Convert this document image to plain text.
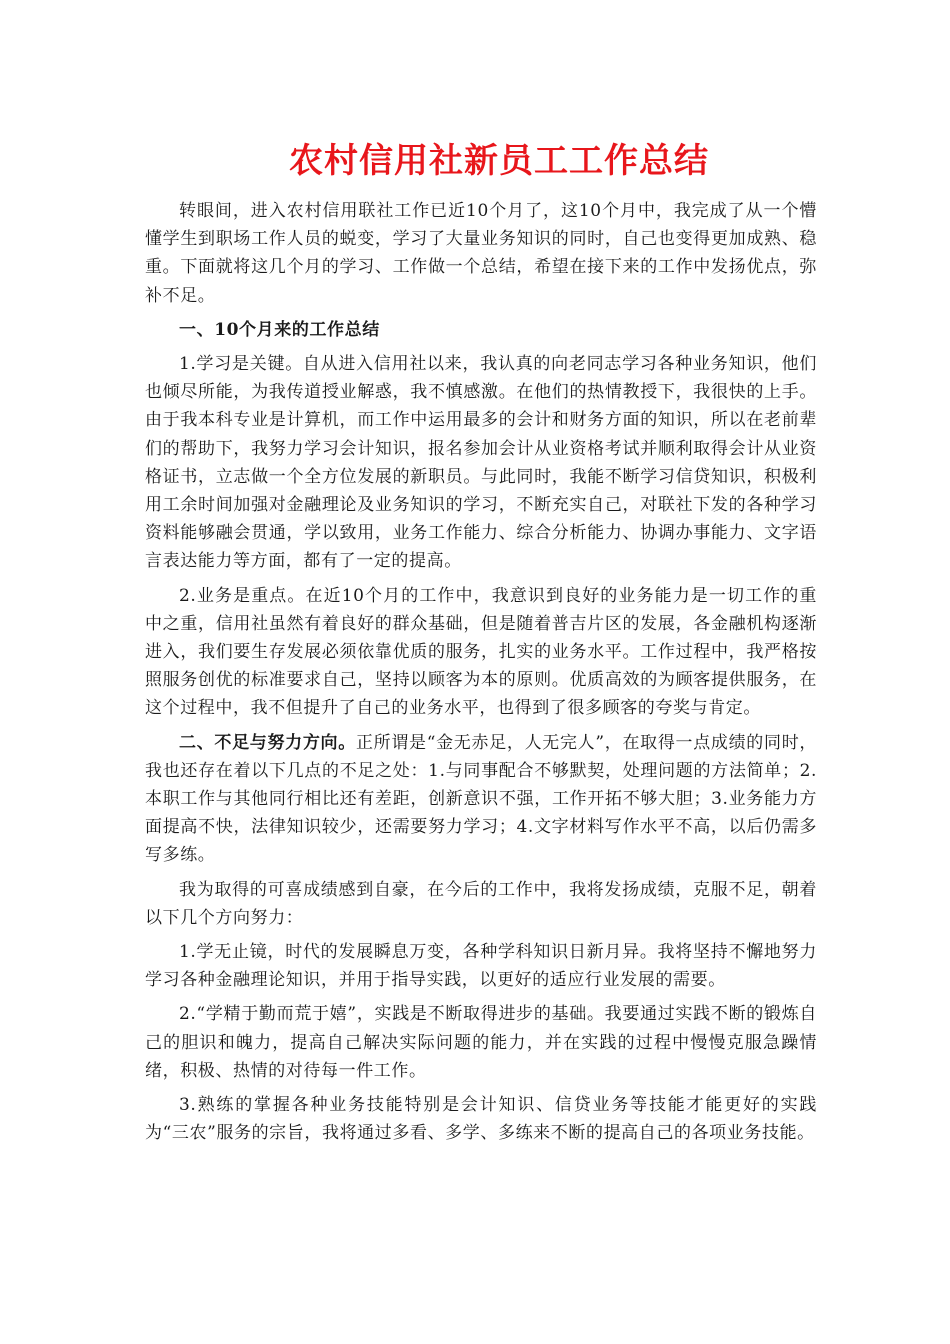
农村信用社新员工工作总结

转眼间，进入农村信用联社工作已近10个月了，这10个月中，我完成了从一个懵懂学生到职场工作人员的蜕变，学习了大量业务知识的同时，自己也变得更加成熟、稳重。下面就将这几个月的学习、工作做一个总结，希望在接下来的工作中发扬优点，弥补不足。

一、10个月来的工作总结

1.学习是关键。自从进入信用社以来，我认真的向老同志学习各种业务知识，他们也倾尽所能，为我传道授业解惑，我不慎感激。在他们的热情教授下，我很快的上手。由于我本科专业是计算机，而工作中运用最多的会计和财务方面的知识，所以在老前辈们的帮助下，我努力学习会计知识，报名参加会计从业资格考试并顺利取得会计从业资格证书，立志做一个全方位发展的新职员。与此同时，我能不断学习信贷知识，积极利用工余时间加强对金融理论及业务知识的学习，不断充实自己，对联社下发的各种学习资料能够融会贯通，学以致用，业务工作能力、综合分析能力、协调办事能力、文字语言表达能力等方面，都有了一定的提高。

2.业务是重点。在近10个月的工作中，我意识到良好的业务能力是一切工作的重中之重，信用社虽然有着良好的群众基础，但是随着普吉片区的发展，各金融机构逐渐进入，我们要生存发展必须依靠优质的服务，扎实的业务水平。工作过程中，我严格按照服务创优的标准要求自己，坚持以顾客为本的原则。优质高效的为顾客提供服务，在这个过程中，我不但提升了自己的业务水平，也得到了很多顾客的夸奖与肯定。

二、不足与努力方向。正所谓是“金无赤足，人无完人”，在取得一点成绩的同时，我也还存在着以下几点的不足之处：1.与同事配合不够默契，处理问题的方法简单；2.本职工作与其他同行相比还有差距，创新意识不强，工作开拓不够大胆；3.业务能力方面提高不快，法律知识较少，还需要努力学习；4.文字材料写作水平不高，以后仍需多写多练。

我为取得的可喜成绩感到自豪，在今后的工作中，我将发扬成绩，克服不足，朝着以下几个方向努力：

1.学无止镜，时代的发展瞬息万变，各种学科知识日新月异。我将坚持不懈地努力学习各种金融理论知识，并用于指导实践，以更好的适应行业发展的需要。

2.“学精于勤而荒于嬉”，实践是不断取得进步的基础。我要通过实践不断的锻炼自己的胆识和魄力，提高自己解决实际问题的能力，并在实践的过程中慢慢克服急躁情绪，积极、热情的对待每一件工作。

3.熟练的掌握各种业务技能特别是会计知识、信贷业务等技能才能更好的实践为“三农”服务的宗旨，我将通过多看、多学、多练来不断的提高自己的各项业务技能。
